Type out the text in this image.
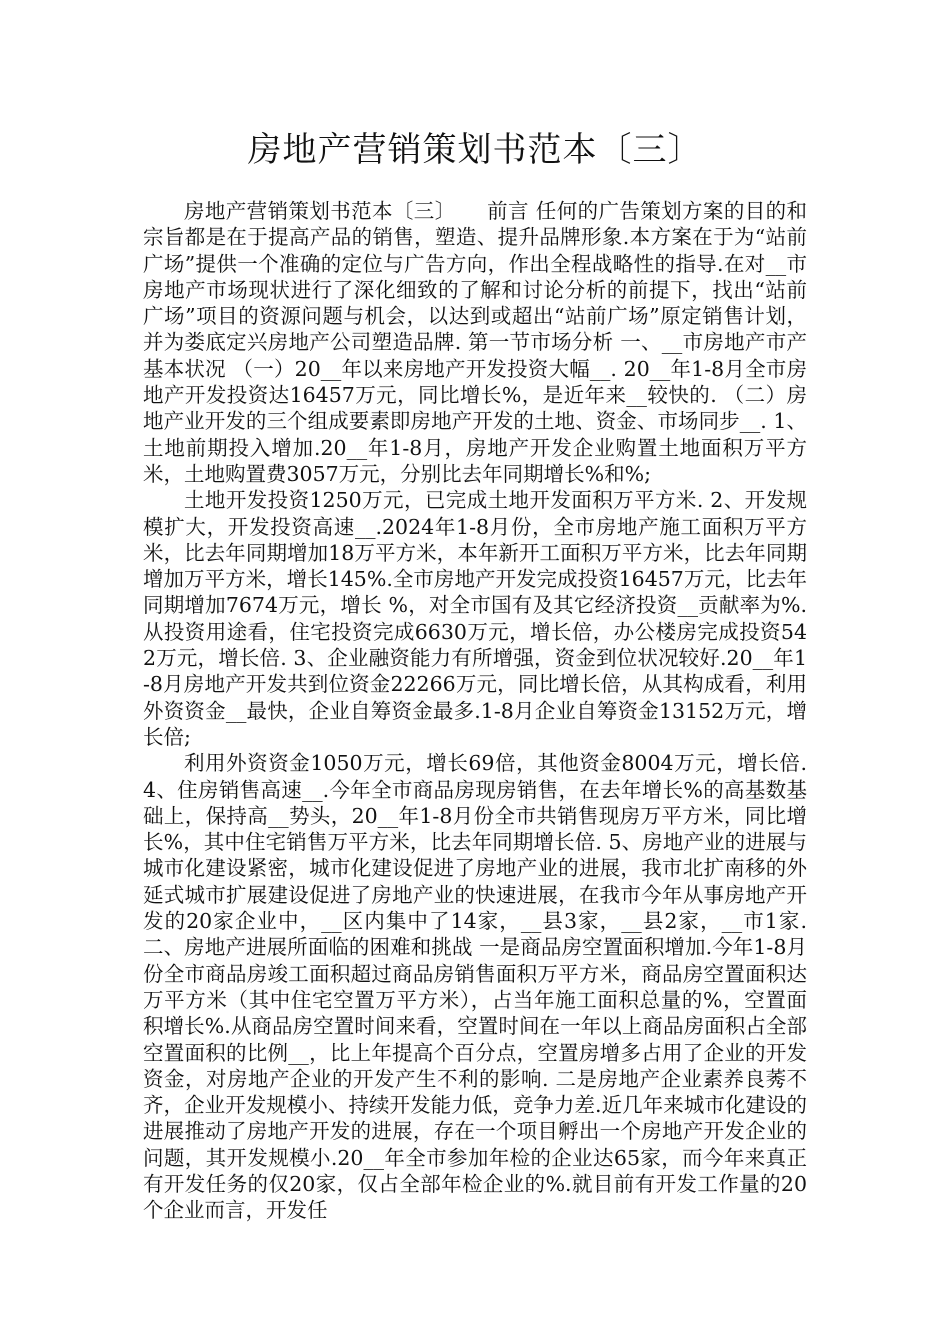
房地产营销策划书范本〔三〕

房地产营销策划书范本〔三〕　　前言 任何的广告策划方案的目的和宗旨都是在于提高产品的销售，塑造、提升品牌形象.本方案在于为“站前广场”提供一个准确的定位与广告方向，作出全程战略性的指导.在对__市房地产市场现状进行了深化细致的了解和讨论分析的前提下，找出“站前广场”项目的资源问题与机会，以达到或超出“站前广场”原定销售计划，并为娄底定兴房地产公司塑造品牌. 第一节市场分析 一、__市房地产市产基本状况 （一）20__年以来房地产开发投资大幅__. 20__年1-8月全市房地产开发投资达16457万元，同比增长%，是近年来__较快的. （二）房地产业开发的三个组成要素即房地产开发的土地、资金、市场同步__. 1、土地前期投入增加.20__年1-8月，房地产开发企业购置土地面积万平方米，土地购置费3057万元，分别比去年同期增长%和%;

土地开发投资1250万元，已完成土地开发面积万平方米. 2、开发规模扩大，开发投资高速__.2024年1-8月份，全市房地产施工面积万平方米，比去年同期增加18万平方米，本年新开工面积万平方米，比去年同期增加万平方米，增长145%.全市房地产开发完成投资16457万元，比去年同期增加7674万元，增长 %，对全市国有及其它经济投资__贡献率为%.从投资用途看，住宅投资完成6630万元，增长倍，办公楼房完成投资542万元，增长倍. 3、企业融资能力有所增强，资金到位状况较好.20__年1-8月房地产开发共到位资金22266万元，同比增长倍，从其构成看，利用外资资金__最快，企业自筹资金最多.1-8月企业自筹资金13152万元，增长倍;

利用外资资金1050万元，增长69倍，其他资金8004万元，增长倍. 4、住房销售高速__.今年全市商品房现房销售，在去年增长%的高基数基础上，保持高__势头，20__年1-8月份全市共销售现房万平方米，同比增长%，其中住宅销售万平方米，比去年同期增长倍. 5、房地产业的进展与城市化建设紧密，城市化建设促进了房地产业的进展，我市北扩南移的外延式城市扩展建设促进了房地产业的快速进展，在我市今年从事房地产开发的20家企业中，__区内集中了14家，__县3家，__县2家，__市1家. 二、房地产进展所面临的困难和挑战 一是商品房空置面积增加.今年1-8月份全市商品房竣工面积超过商品房销售面积万平方米，商品房空置面积达万平方米（其中住宅空置万平方米），占当年施工面积总量的%，空置面积增长%.从商品房空置时间来看，空置时间在一年以上商品房面积占全部空置面积的比例__，比上年提高个百分点，空置房增多占用了企业的开发资金，对房地产企业的开发产生不利的影响. 二是房地产企业素养良莠不齐，企业开发规模小、持续开发能力低，竞争力差.近几年来城市化建设的进展推动了房地产开发的进展，存在一个项目孵出一个房地产开发企业的问题，其开发规模小.20__年全市参加年检的企业达65家，而今年来真正有开发任务的仅20家，仅占全部年检企业的%.就目前有开发工作量的20个企业而言，开发任
